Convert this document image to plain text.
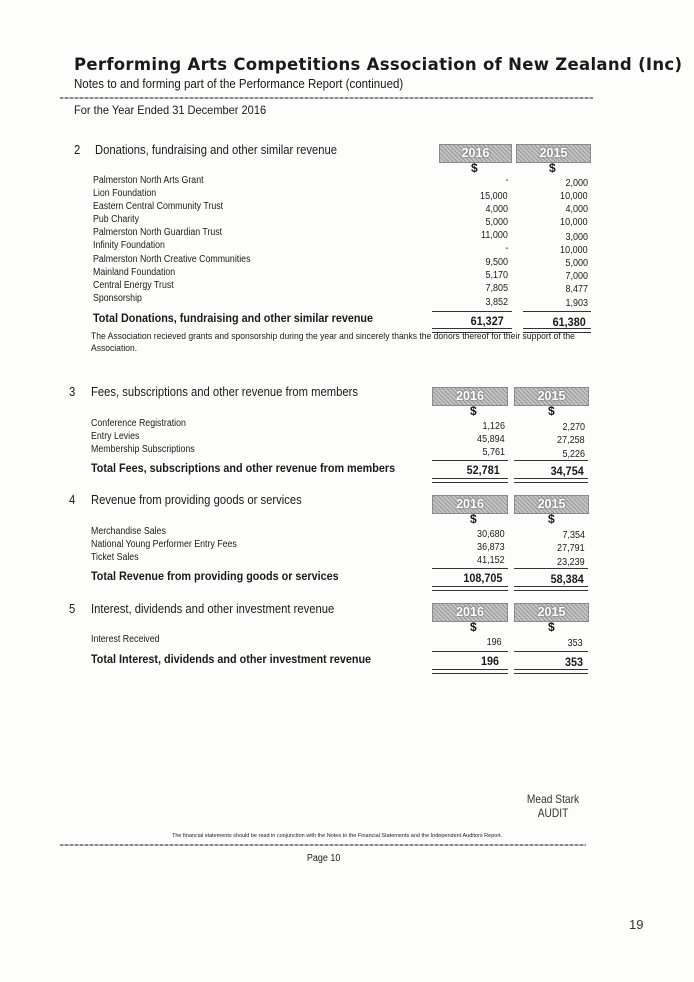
Performing Arts Competitions Association of New Zealand (Inc)
Notes to and forming part of the Performance Report (continued)
For the Year Ended 31 December 2016
2 Donations, fundraising and other similar revenue	2016	2015
$	$
Palmerston North Arts Grant	-	2,000
Lion Foundation	15,000	10,000
Eastern Central Community Trust	4,000	4,000
Pub Charity	5,000	10,000
Palmerston North Guardian Trust	11,000	3,000
Infinity Foundation	-	10,000
Palmerston North Creative Communities	9,500	5,000
Mainland Foundation	5,170	7,000
Central Energy Trust	7,805	8,477
Sponsorship	3,852	1,903
Total Donations, fundraising and other similar revenue	61,327	61,380
The Association recieved grants and sponsorship during the year and sincerely thanks the donors thereof for their support of the Association.
3 Fees, subscriptions and other revenue from members	2016	2015
$	$
Conference Registration	1,126	2,270
Entry Levies	45,894	27,258
Membership Subscriptions	5,761	5,226
Total Fees, subscriptions and other revenue from members	52,781	34,754
4 Revenue from providing goods or services	2016	2015
$	$
Merchandise Sales	30,680	7,354
National Young Performer Entry Fees	36,873	27,791
Ticket Sales	41,152	23,239
Total Revenue from providing goods or services	108,705	58,384
5 Interest, dividends and other investment revenue	2016	2015
$	$
Interest Received	196	353
Total Interest, dividends and other investment revenue	196	353
Mead Stark
AUDIT
The financial statements should be read in conjunction with the Notes to the Financial Statements and the Independent Auditors Report.
Page 10
19
